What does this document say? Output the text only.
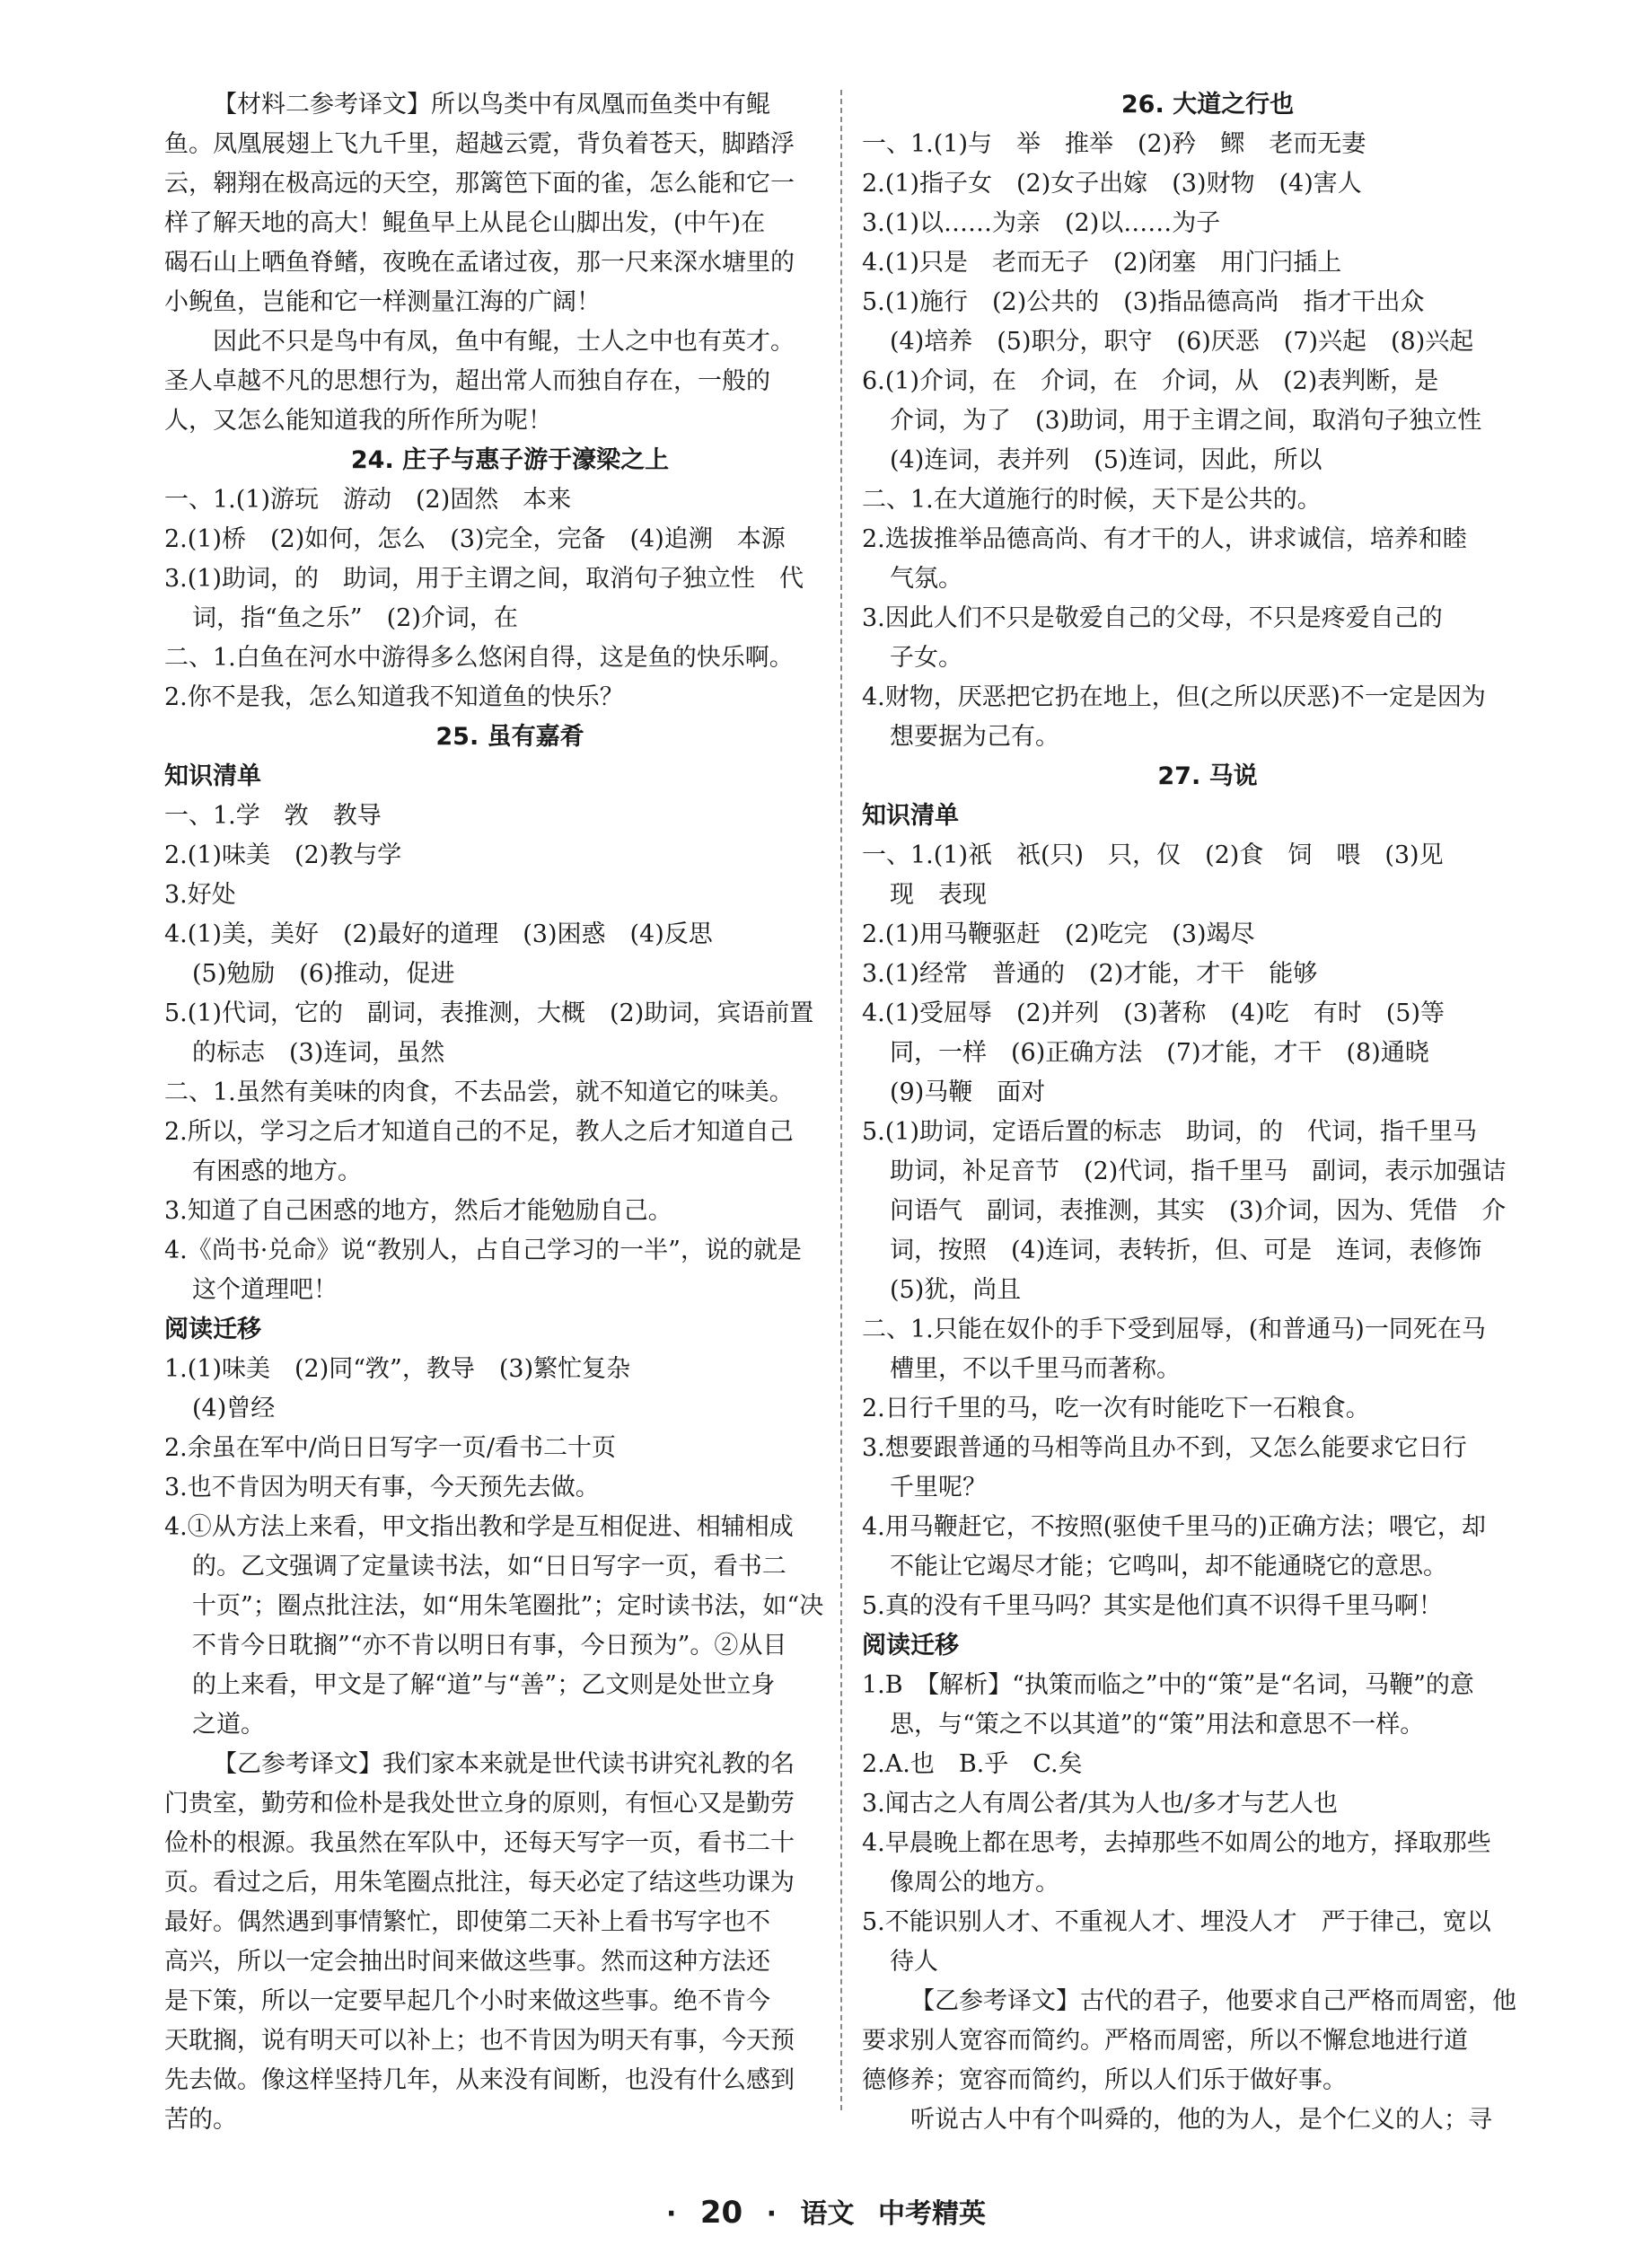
【材料二参考译文】所以鸟类中有凤凰而鱼类中有鲲
鱼。凤凰展翅上飞九千里，超越云霓，背负着苍天，脚踏浮
云，翱翔在极高远的天空，那篱笆下面的雀，怎么能和它一
样了解天地的高大！鲲鱼早上从昆仑山脚出发，(中午)在
碣石山上晒鱼脊鳍，夜晚在孟诸过夜，那一尺来深水塘里的
小鲵鱼，岂能和它一样测量江海的广阔！
因此不只是鸟中有凤，鱼中有鲲，士人之中也有英才。
圣人卓越不凡的思想行为，超出常人而独自存在，一般的
人，又怎么能知道我的所作所为呢！
24. 庄子与惠子游于濠梁之上
一、1.(1)游玩　游动　(2)固然　本来
2.(1)桥　(2)如何，怎么　(3)完全，完备　(4)追溯　本源
3.(1)助词，的　助词，用于主谓之间，取消句子独立性　代
词，指“鱼之乐”　(2)介词，在
二、1.白鱼在河水中游得多么悠闲自得，这是鱼的快乐啊。
2.你不是我，怎么知道我不知道鱼的快乐？
25. 虽有嘉肴
知识清单
一、1.学　敩　教导
2.(1)味美　(2)教与学
3.好处
4.(1)美，美好　(2)最好的道理　(3)困惑　(4)反思
(5)勉励　(6)推动，促进
5.(1)代词，它的　副词，表推测，大概　(2)助词，宾语前置
的标志　(3)连词，虽然
二、1.虽然有美味的肉食，不去品尝，就不知道它的味美。
2.所以，学习之后才知道自己的不足，教人之后才知道自己
有困惑的地方。
3.知道了自己困惑的地方，然后才能勉励自己。
4.《尚书·兑命》说“教别人，占自己学习的一半”，说的就是
这个道理吧！
阅读迁移
1.(1)味美　(2)同“敩”，教导　(3)繁忙复杂
(4)曾经
2.余虽在军中/尚日日写字一页/看书二十页
3.也不肯因为明天有事，今天预先去做。
4.①从方法上来看，甲文指出教和学是互相促进、相辅相成
的。乙文强调了定量读书法，如“日日写字一页，看书二
十页”；圈点批注法，如“用朱笔圈批”；定时读书法，如“决
不肯今日耽搁”“亦不肯以明日有事，今日预为”。②从目
的上来看，甲文是了解“道”与“善”；乙文则是处世立身
之道。
【乙参考译文】我们家本来就是世代读书讲究礼教的名
门贵室，勤劳和俭朴是我处世立身的原则，有恒心又是勤劳
俭朴的根源。我虽然在军队中，还每天写字一页，看书二十
页。看过之后，用朱笔圈点批注，每天必定了结这些功课为
最好。偶然遇到事情繁忙，即使第二天补上看书写字也不
高兴，所以一定会抽出时间来做这些事。然而这种方法还
是下策，所以一定要早起几个小时来做这些事。绝不肯今
天耽搁，说有明天可以补上；也不肯因为明天有事，今天预
先去做。像这样坚持几年，从来没有间断，也没有什么感到
苦的。
26. 大道之行也
一、1.(1)与　举　推举　(2)矜　鳏　老而无妻
2.(1)指子女　(2)女子出嫁　(3)财物　(4)害人
3.(1)以……为亲　(2)以……为子
4.(1)只是　老而无子　(2)闭塞　用门闩插上
5.(1)施行　(2)公共的　(3)指品德高尚　指才干出众
(4)培养　(5)职分，职守　(6)厌恶　(7)兴起　(8)兴起
6.(1)介词，在　介词，在　介词，从　(2)表判断，是
介词，为了　(3)助词，用于主谓之间，取消句子独立性
(4)连词，表并列　(5)连词，因此，所以
二、1.在大道施行的时候，天下是公共的。
2.选拔推举品德高尚、有才干的人，讲求诚信，培养和睦
气氛。
3.因此人们不只是敬爱自己的父母，不只是疼爱自己的
子女。
4.财物，厌恶把它扔在地上，但(之所以厌恶)不一定是因为
想要据为己有。
27. 马说
知识清单
一、1.(1)祇　祇(只)　只，仅　(2)食　饲　喂　(3)见
现　表现
2.(1)用马鞭驱赶　(2)吃完　(3)竭尽
3.(1)经常　普通的　(2)才能，才干　能够
4.(1)受屈辱　(2)并列　(3)著称　(4)吃　有时　(5)等
同，一样　(6)正确方法　(7)才能，才干　(8)通晓
(9)马鞭　面对
5.(1)助词，定语后置的标志　助词，的　代词，指千里马
助词，补足音节　(2)代词，指千里马　副词，表示加强诘
问语气　副词，表推测，其实　(3)介词，因为、凭借　介
词，按照　(4)连词，表转折，但、可是　连词，表修饰
(5)犹，尚且
二、1.只能在奴仆的手下受到屈辱，(和普通马)一同死在马
槽里，不以千里马而著称。
2.日行千里的马，吃一次有时能吃下一石粮食。
3.想要跟普通的马相等尚且办不到，又怎么能要求它日行
千里呢？
4.用马鞭赶它，不按照(驱使千里马的)正确方法；喂它，却
不能让它竭尽才能；它鸣叫，却不能通晓它的意思。
5.真的没有千里马吗？其实是他们真不识得千里马啊！
阅读迁移
1.B　【解析】“执策而临之”中的“策”是“名词，马鞭”的意
思，与“策之不以其道”的“策”用法和意思不一样。
2.A.也　B.乎　C.矣
3.闻古之人有周公者/其为人也/多才与艺人也
4.早晨晚上都在思考，去掉那些不如周公的地方，择取那些
像周公的地方。
5.不能识别人才、不重视人才、埋没人才　严于律己，宽以
待人
【乙参考译文】古代的君子，他要求自己严格而周密，他
要求别人宽容而简约。严格而周密，所以不懈怠地进行道
德修养；宽容而简约，所以人们乐于做好事。
听说古人中有个叫舜的，他的为人，是个仁义的人；寻
· 20 · 语文 中考精英
